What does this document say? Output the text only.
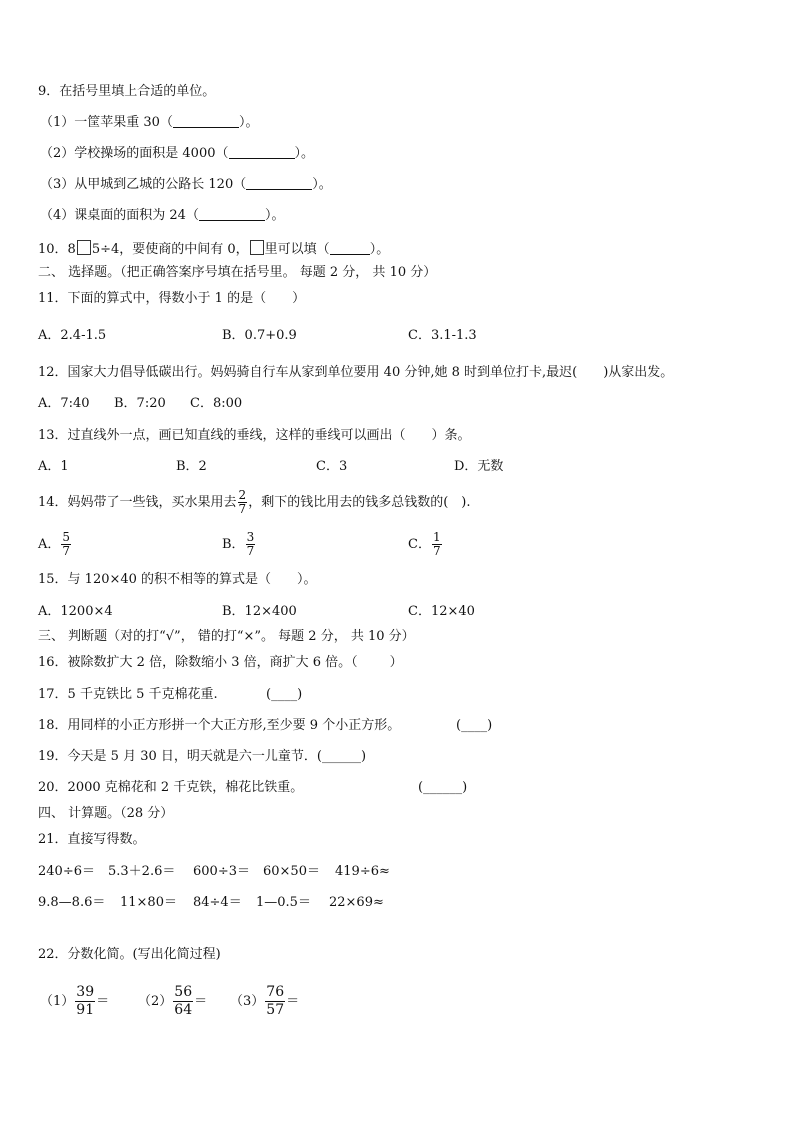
9．在括号里填上合适的单位。
（1）一筐苹果重 30（	）。
（2）学校操场的面积是 4000（	）。
（3）从甲城到乙城的公路长 120（	）。
（4）课桌面的面积为 24（	）。
10．8 5÷4，要使商的中间有 0， 里可以填（	）。
二、 选择题。（把正确答案序号填在括号里。 每题 2 分， 共 10 分）
11．下面的算式中，得数小于 1 的是（　　）
A．2.4-1.5	B．0.7+0.9	C．3.1-1.3
12．国家大力倡导低碳出行。妈妈骑自行车从家到单位要用 40 分钟,她 8 时到单位打卡,最迟(　　)从家出发。
A．7:40 B．7:20 C．8:00
13．过直线外一点，画已知直线的垂线，这样的垂线可以画出（　　）条。
A．1	B．2	C．3	D．无数
14．妈妈带了一些钱，买水果用去 $\frac{2}{7}$ ，剩下的钱比用去的钱多总钱数的(　).
A． $\frac{5}{7}$	B． $\frac{3}{7}$	C． $\frac{1}{7}$
15．与 120×40 的积不相等的算式是（　　）。
A．1200×4	B．12×400	C．12×40
三、 判断题（对的打“√”， 错的打“×”。 每题 2 分， 共 10 分）
16．被除数扩大 2 倍，除数缩小 3 倍，商扩大 6 倍。（ ）
17．5 千克铁比 5 千克棉花重.	(____)
18．用同样的小正方形拼一个大正方形,至少要 9 个小正方形。	(____)
19．今天是 5 月 30 日，明天就是六一儿童节．(______)
20．2000 克棉花和 2 千克铁，棉花比铁重。	(______)
四、 计算题。（28 分）
21．直接写得数。
240÷6＝ 5.3＋2.6＝ 600÷3＝ 60×50＝ 419÷6≈
9.8—8.6＝ 11×80＝ 84÷4＝ 1—0.5＝ 22×69≈
22．分数化简。(写出化简过程)
$(1) \frac{39}{91} = (2) \frac{56}{64} = (3) \frac{76}{57}$ ＝
